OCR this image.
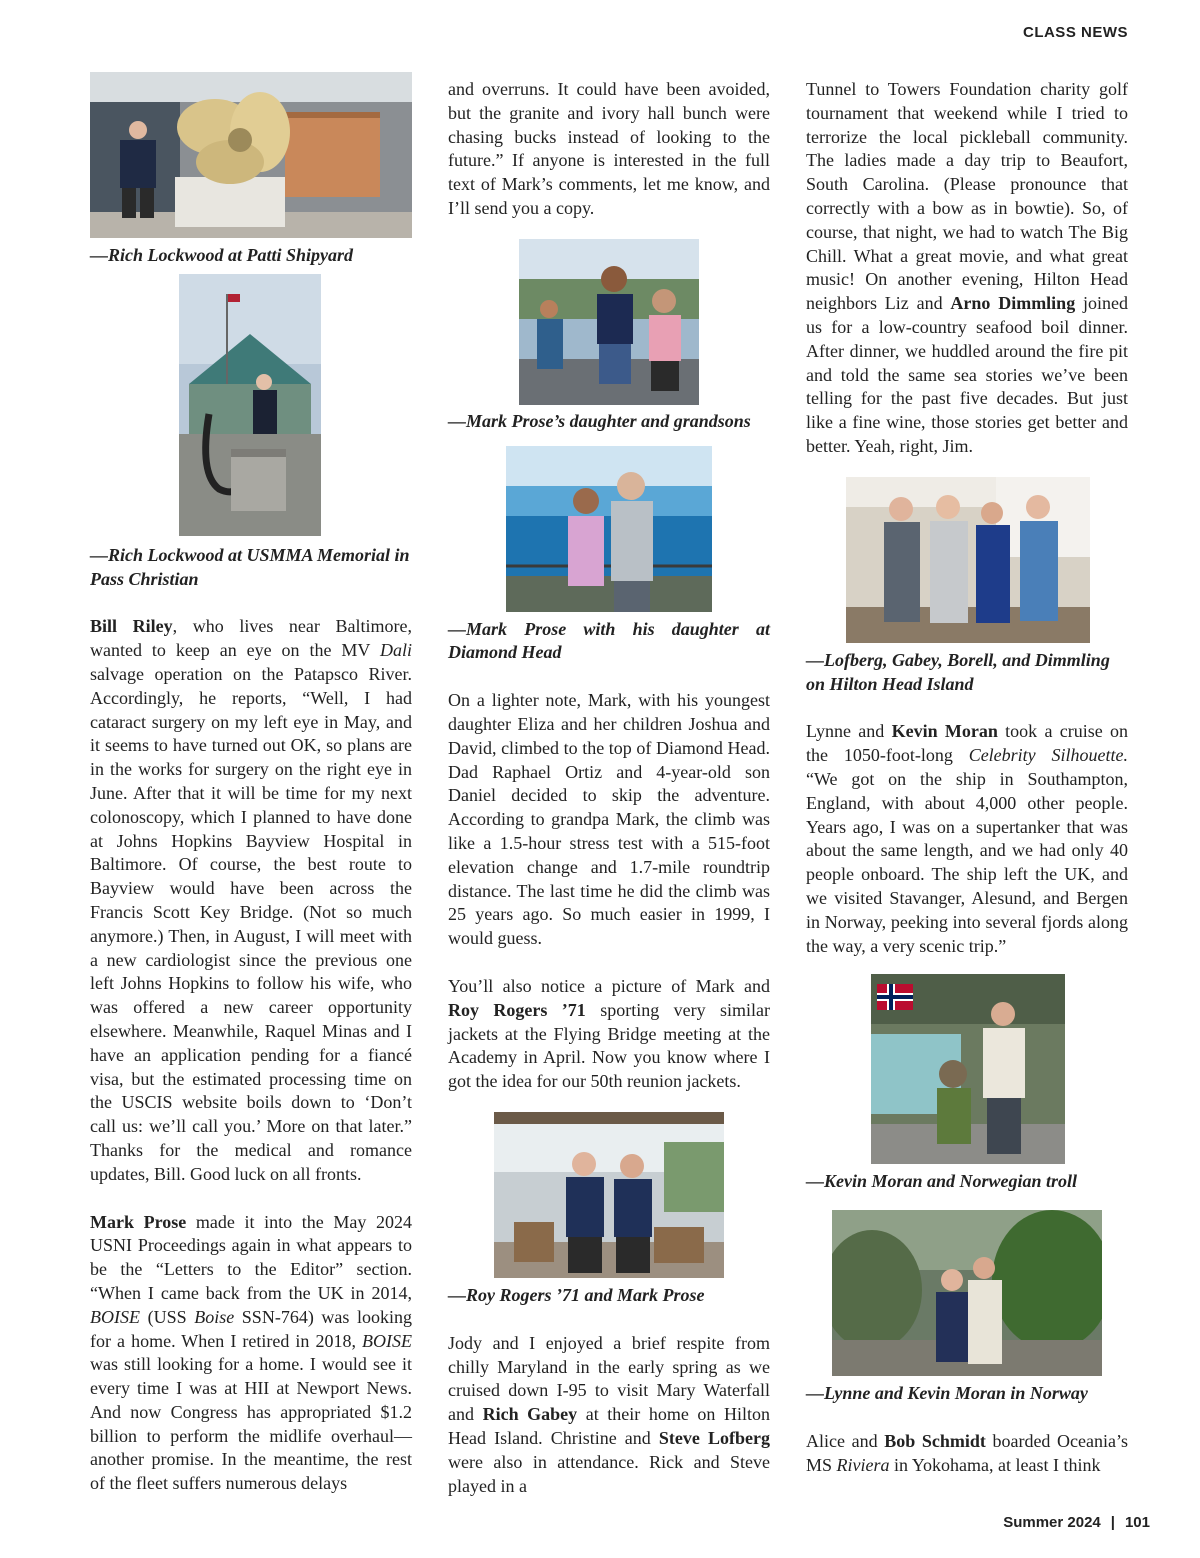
CLASS NEWS

—Rich Lockwood at Patti Shipyard

—Rich Lockwood at USMMA Memorial in Pass Christian

Bill Riley, who lives near Baltimore, wanted to keep an eye on the MV Dali salvage operation on the Patapsco River. Accordingly, he reports, “Well, I had cataract surgery on my left eye in May, and it seems to have turned out OK, so plans are in the works for surgery on the right eye in June. After that it will be time for my next colonoscopy, which I planned to have done at Johns Hopkins Bayview Hospital in Baltimore. Of course, the best route to Bayview would have been across the Francis Scott Key Bridge. (Not so much anymore.) Then, in August, I will meet with a new cardiologist since the previous one left Johns Hopkins to follow his wife, who was offered a new career opportunity elsewhere. Meanwhile, Raquel Minas and I have an application pending for a fiancé visa, but the estimated processing time on the USCIS website boils down to ‘Don’t call us: we’ll call you.’ More on that later.” Thanks for the medical and romance updates, Bill. Good luck on all fronts.

Mark Prose made it into the May 2024 USNI Proceedings again in what appears to be the “Letters to the Editor” section. “When I came back from the UK in 2014, BOISE (USS Boise SSN-764) was looking for a home. When I retired in 2018, BOISE was still looking for a home. I would see it every time I was at HII at Newport News. And now Congress has appropriated $1.2 billion to perform the midlife overhaul—another promise. In the meantime, the rest of the fleet suffers numerous delays

and overruns. It could have been avoided, but the granite and ivory hall bunch were chasing bucks instead of looking to the future.” If anyone is interested in the full text of Mark’s comments, let me know, and I’ll send you a copy.

—Mark Prose’s daughter and grandsons

—Mark Prose with his daughter at Diamond Head

On a lighter note, Mark, with his youngest daughter Eliza and her children Joshua and David, climbed to the top of Diamond Head. Dad Raphael Ortiz and 4-year-old son Daniel decided to skip the adventure. According to grandpa Mark, the climb was like a 1.5-hour stress test with a 515-foot elevation change and 1.7-mile roundtrip distance. The last time he did the climb was 25 years ago. So much easier in 1999, I would guess.

You’ll also notice a picture of Mark and Roy Rogers ’71 sporting very similar jackets at the Flying Bridge meeting at the Academy in April. Now you know where I got the idea for our 50th reunion jackets.

—Roy Rogers ’71 and Mark Prose

Jody and I enjoyed a brief respite from chilly Maryland in the early spring as we cruised down I-95 to visit Mary Waterfall and Rich Gabey at their home on Hilton Head Island. Christine and Steve Lofberg were also in attendance. Rick and Steve played in a

Tunnel to Towers Foundation charity golf tournament that weekend while I tried to terrorize the local pickleball community. The ladies made a day trip to Beaufort, South Carolina. (Please pronounce that correctly with a bow as in bowtie). So, of course, that night, we had to watch The Big Chill. What a great movie, and what great music! On another evening, Hilton Head neighbors Liz and Arno Dimmling joined us for a low-country seafood boil dinner. After dinner, we huddled around the fire pit and told the same sea stories we’ve been telling for the past five decades. But just like a fine wine, those stories get better and better. Yeah, right, Jim.

—Lofberg, Gabey, Borell, and Dimmling on Hilton Head Island

Lynne and Kevin Moran took a cruise on the 1050-foot-long Celebrity Silhouette. “We got on the ship in Southampton, England, with about 4,000 other people. Years ago, I was on a supertanker that was about the same length, and we had only 40 people onboard. The ship left the UK, and we visited Stavanger, Alesund, and Bergen in Norway, peeking into several fjords along the way, a very scenic trip.”

—Kevin Moran and Norwegian troll

—Lynne and Kevin Moran in Norway

Alice and Bob Schmidt boarded Oceania’s MS Riviera in Yokohama, at least I think

Summer 2024 | 101
